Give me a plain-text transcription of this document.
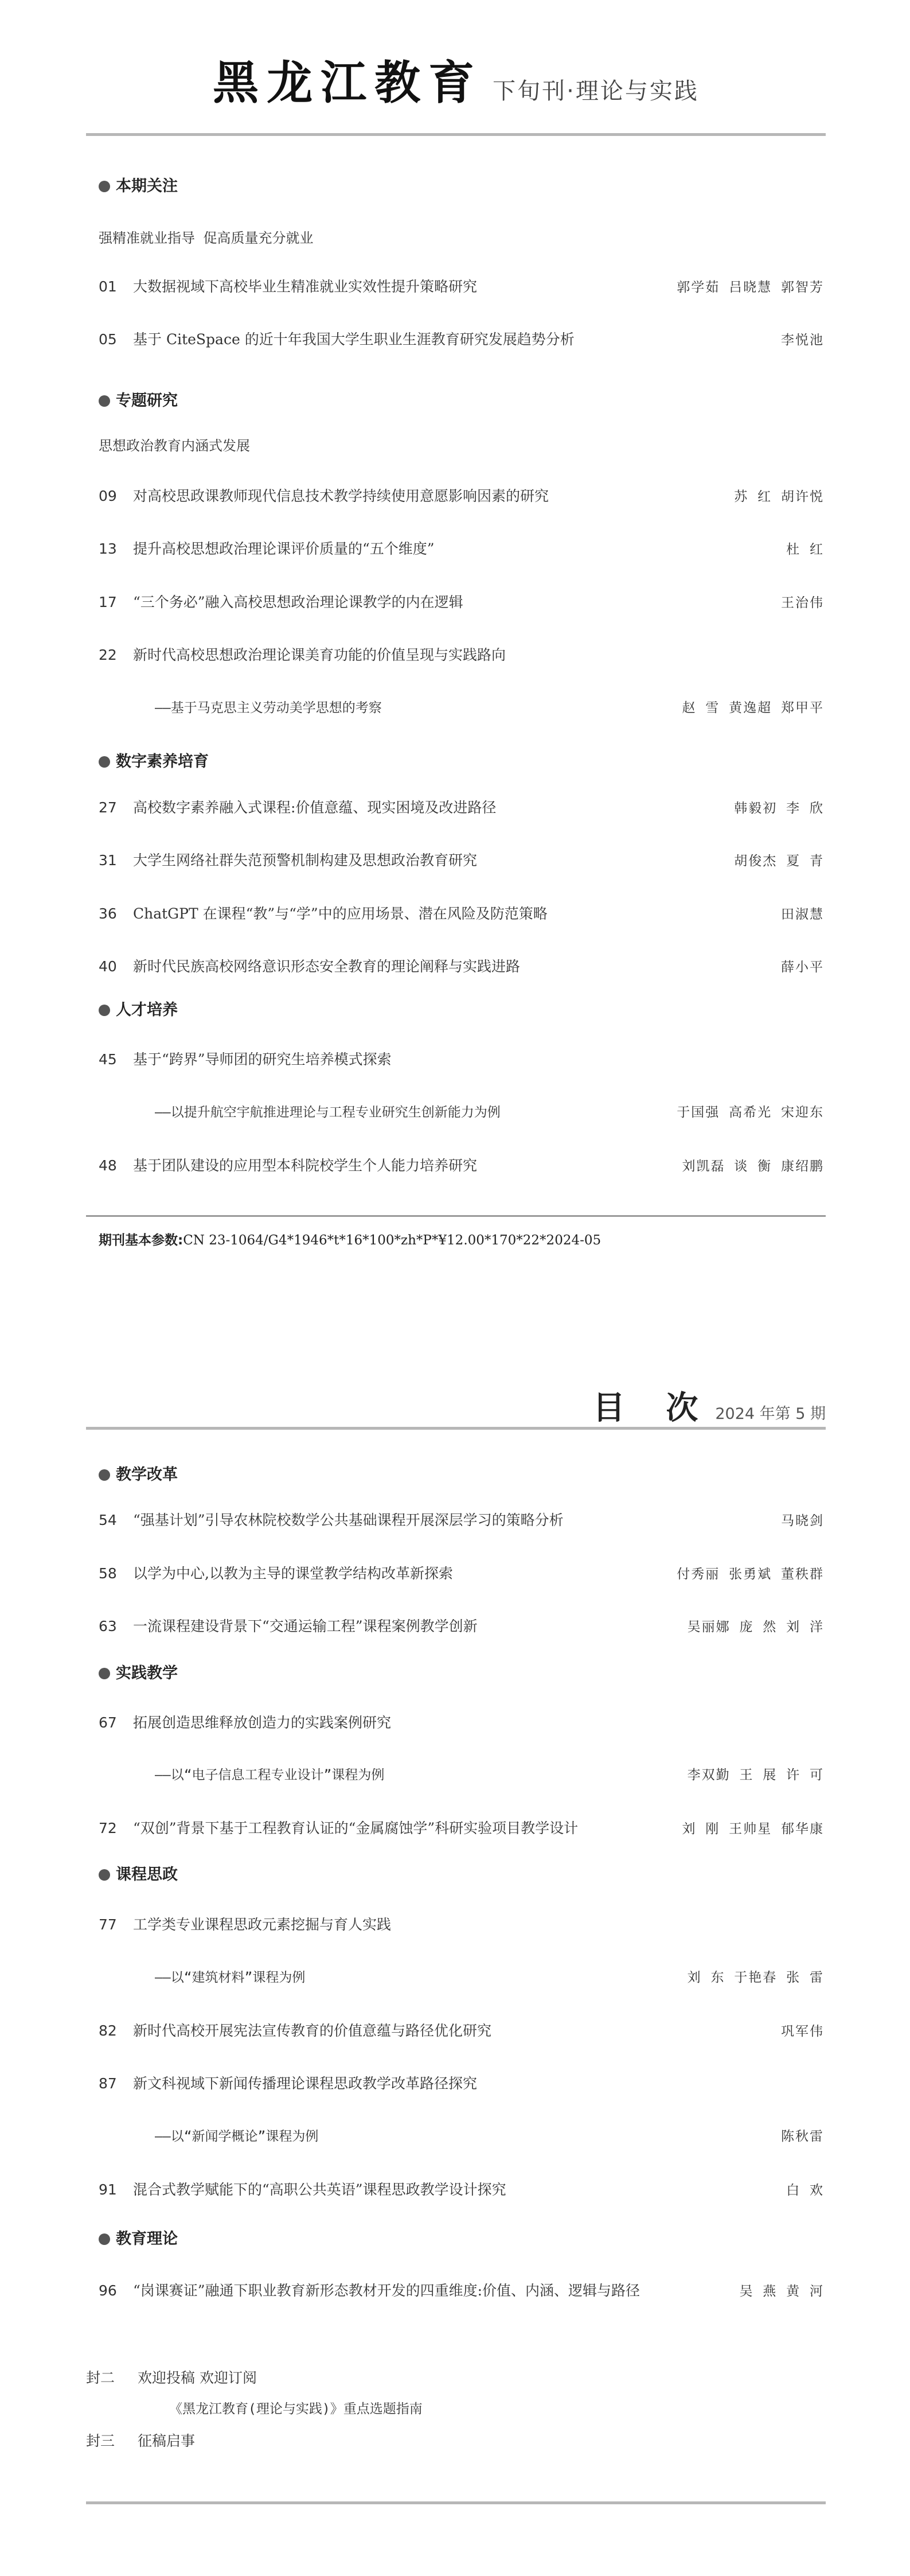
黑龙江教育 下旬刊·理论与实践
本期关注
强精准就业指导 促高质量充分就业
01	大数据视域下高校毕业生精准就业实效性提升策略研究	郭学茹 吕晓慧 郭智芳
05	基于 CiteSpace 的近十年我国大学生职业生涯教育研究发展趋势分析	李悦池
专题研究
思想政治教育内涵式发展
09	对高校思政课教师现代信息技术教学持续使用意愿影响因素的研究	苏 红 胡许悦
13	提升高校思想政治理论课评价质量的“五个维度”	杜 红
17	“三个务必”融入高校思想政治理论课教学的内在逻辑	王治伟
22	新时代高校思想政治理论课美育功能的价值呈现与实践路向
——基于马克思主义劳动美学思想的考察	赵 雪 黄逸超 郑甲平
数字素养培育
27	高校数字素养融入式课程:价值意蕴、现实困境及改进路径	韩毅初 李 欣
31	大学生网络社群失范预警机制构建及思想政治教育研究	胡俊杰 夏 青
36	ChatGPT 在课程“教”与“学”中的应用场景、潜在风险及防范策略	田淑慧
40	新时代民族高校网络意识形态安全教育的理论阐释与实践进路	薛小平
人才培养
45	基于“跨界”导师团的研究生培养模式探索
——以提升航空宇航推进理论与工程专业研究生创新能力为例	于国强 高希光 宋迎东
48	基于团队建设的应用型本科院校学生个人能力培养研究	刘凯磊 谈 衡 康绍鹏
期刊基本参数:CN 23-1064/G4*1946*t*16*100*zh*P*¥12.00*170*22*2024-05
目 次 2024 年第 5 期
教学改革
54	“强基计划”引导农林院校数学公共基础课程开展深层学习的策略分析	马晓剑
58	以学为中心,以教为主导的课堂教学结构改革新探索	付秀丽 张勇斌 董秩群
63	一流课程建设背景下“交通运输工程”课程案例教学创新	吴丽娜 庞 然 刘 洋
实践教学
67	拓展创造思维释放创造力的实践案例研究
——以“电子信息工程专业设计”课程为例	李双勤 王 展 许 可
72	“双创”背景下基于工程教育认证的“金属腐蚀学”科研实验项目教学设计	刘 刚 王帅星 郁华康
课程思政
77	工学类专业课程思政元素挖掘与育人实践
——以“建筑材料”课程为例	刘 东 于艳春 张 雷
82	新时代高校开展宪法宣传教育的价值意蕴与路径优化研究	巩军伟
87	新文科视域下新闻传播理论课程思政教学改革路径探究
——以“新闻学概论”课程为例	陈秋雷
91	混合式教学赋能下的“高职公共英语”课程思政教学设计探究	白 欢
教育理论
96	“岗课赛证”融通下职业教育新形态教材开发的四重维度:价值、内涵、逻辑与路径	吴 燕 黄 河
封二 欢迎投稿 欢迎订阅
《黑龙江教育(理论与实践)》重点选题指南
封三 征稿启事
